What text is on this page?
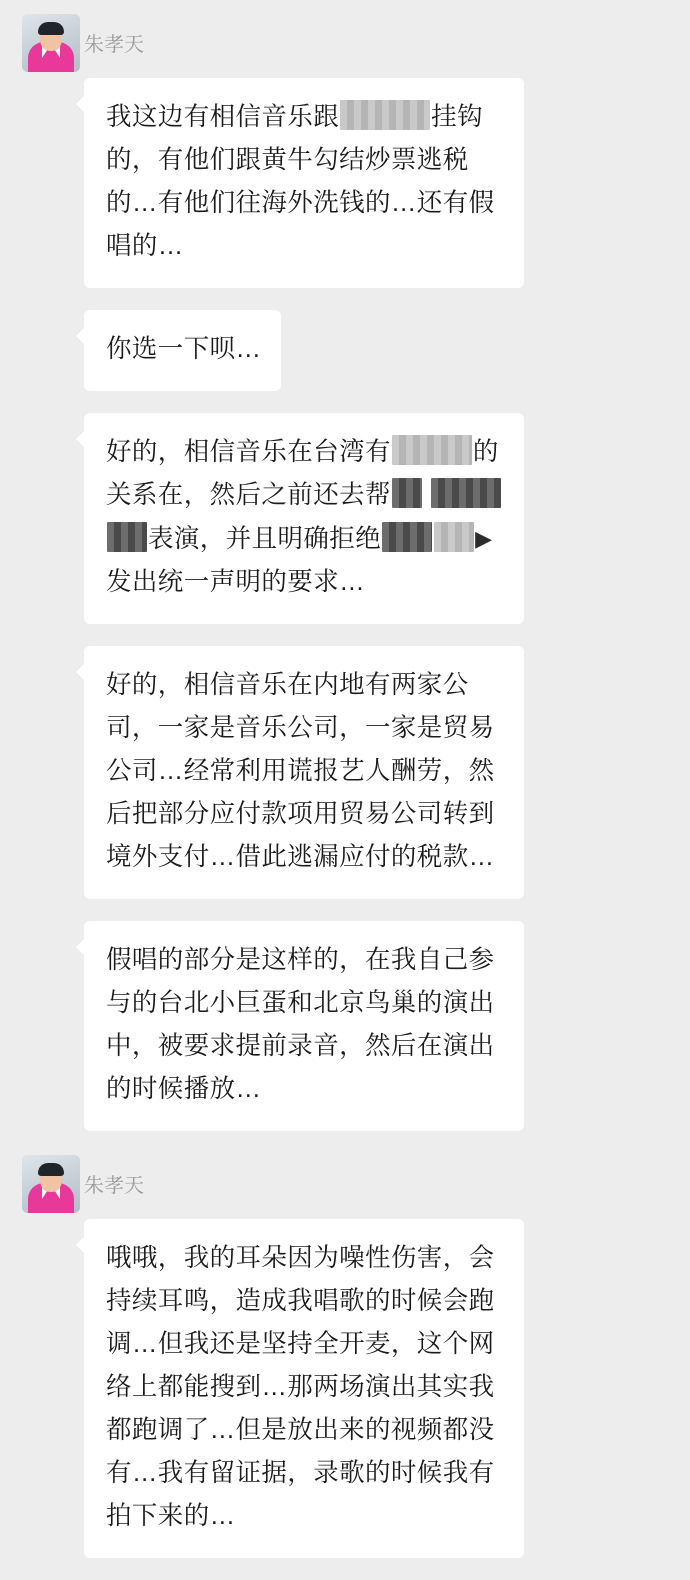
朱孝天
我这边有相信音乐跟	挂钩的，有他们跟黄牛勾结炒票逃税的…有他们往海外洗钱的…还有假唱的…
你选一下呗…
好的，相信音乐在台湾有	的关系在，然后之前还去帮 表演，并且明确拒绝	▶发出统一声明的要求…
好的，相信音乐在内地有两家公司，一家是音乐公司，一家是贸易公司…经常利用谎报艺人酬劳，然后把部分应付款项用贸易公司转到境外支付…借此逃漏应付的税款…
假唱的部分是这样的，在我自己参与的台北小巨蛋和北京鸟巢的演出中，被要求提前录音，然后在演出的时候播放…
朱孝天
哦哦，我的耳朵因为噪性伤害，会持续耳鸣，造成我唱歌的时候会跑调…但我还是坚持全开麦，这个网络上都能搜到…那两场演出其实我都跑调了…但是放出来的视频都没有…我有留证据，录歌的时候我有拍下来的…
